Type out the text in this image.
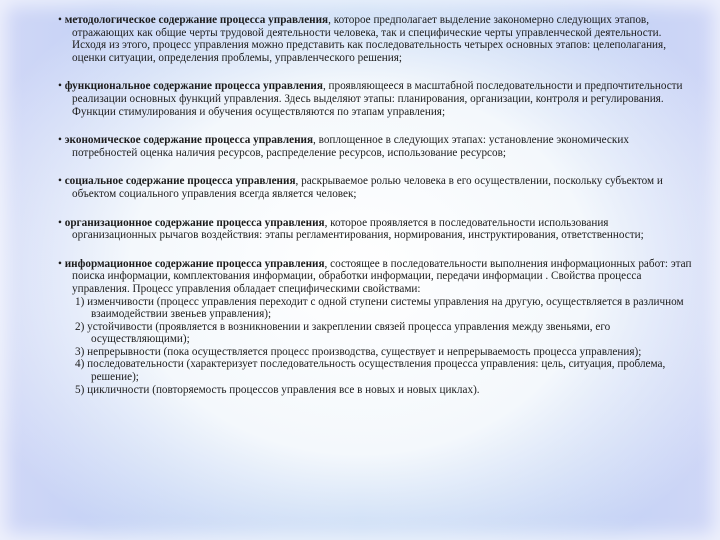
• методологическое содержание процесса управления, которое предполагает выделение закономерно следующих этапов, отражающих как общие черты трудовой деятельности человека, так и специфические черты управленческой деятельности. Исходя из этого, процесс управления можно представить как последовательность четырех основных этапов: целеполагания, оценки ситуации, определения проблемы, управленческого решения;

• функциональное содержание процесса управления, проявляющееся в масштабной последовательности и предпочтительности реализации основных функций управления. Здесь выделяют этапы: планирования, организации, контроля и регулирования. Функции стимулирования и обучения осуществляются по этапам управления;

• экономическое содержание процесса управления, воплощенное в следующих этапах: установление экономических потребностей оценка наличия ресурсов, распределение ресурсов, использование ресурсов;

• социальное содержание процесса управления, раскрываемое ролью человека в его осуществлении, поскольку субъектом и объектом социального управления всегда является человек;

• организационное содержание процесса управления, которое проявляется в последовательности использования организационных рычагов воздействия: этапы регламентирования, нормирования, инструктирования, ответственности;

• информационное содержание процесса управления, состоящее в последовательности выполнения информационных работ: этап поиска информации, комплектования информации, обработки информации, передачи информации . Свойства процесса управления. Процесс управления обладает специфическими свойствами:

1) изменчивости (процесс управления переходит с одной ступени системы управления на другую, осуществляется в различном взаимодействии звеньев управления);

2) устойчивости (проявляется в возникновении и закреплении связей процесса управления между звеньями, его осуществляющими);

3) непрерывности (пока осуществляется процесс производства, существует и непрерываемость процесса управления);

4) последовательности (характеризует последовательность осуществления процесса управления: цель, ситуация, проблема, решение);

5) цикличности (повторяемость процессов управления все в новых и новых циклах).
